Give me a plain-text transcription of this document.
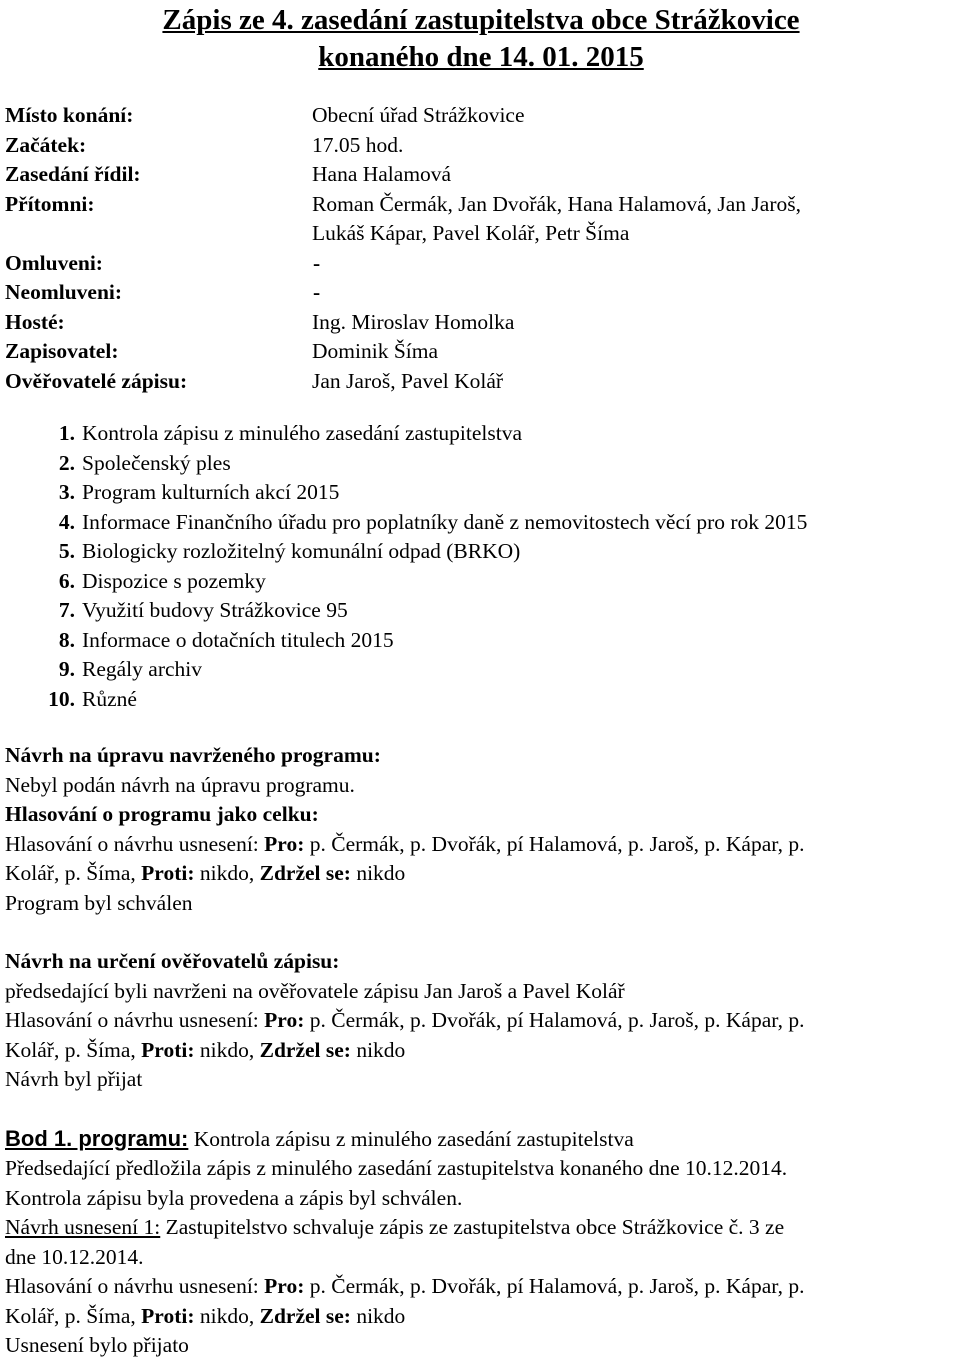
Zápis ze 4. zasedání zastupitelstva obce Strážkovice
konaného dne 14. 01. 2015
Místo konání:	Obecní úřad Strážkovice
Začátek:	17.05 hod.
Zasedání řídil:	Hana Halamová
Přítomni:	Roman Čermák, Jan Dvořák, Hana Halamová, Jan Jaroš,
Lukáš Kápar, Pavel Kolář, Petr Šíma
Omluveni:	-
Neomluveni:	-
Hosté:	Ing. Miroslav Homolka
Zapisovatel:	Dominik Šíma
Ověřovatelé zápisu:	Jan Jaroš, Pavel Kolář
1. Kontrola zápisu z minulého zasedání zastupitelstva
2. Společenský ples
3. Program kulturních akcí 2015
4. Informace Finančního úřadu pro poplatníky daně z nemovitostech věcí pro rok 2015
5. Biologicky rozložitelný komunální odpad (BRKO)
6. Dispozice s pozemky
7. Využití budovy Strážkovice 95
8. Informace o dotačních titulech 2015
9. Regály archiv
10. Různé

Návrh na úpravu navrženého programu:

Nebyl podán návrh na úpravu programu.

Hlasování o programu jako celku:

Hlasování o návrhu usnesení: Pro: p. Čermák, p. Dvořák, pí Halamová, p. Jaroš, p. Kápar, p.

Kolář, p. Šíma, Proti: nikdo, Zdržel se: nikdo

Program byl schválen

Návrh na určení ověřovatelů zápisu:

předsedající byli navrženi na ověřovatele zápisu Jan Jaroš a Pavel Kolář

Hlasování o návrhu usnesení: Pro: p. Čermák, p. Dvořák, pí Halamová, p. Jaroš, p. Kápar, p.

Kolář, p. Šíma, Proti: nikdo, Zdržel se: nikdo

Návrh byl přijat

Bod 1. programu: Kontrola zápisu z minulého zasedání zastupitelstva

Předsedající předložila zápis z minulého zasedání zastupitelstva konaného dne 10.12.2014.

Kontrola zápisu byla provedena a zápis byl schválen.

Návrh usnesení 1: Zastupitelstvo schvaluje zápis ze zastupitelstva obce Strážkovice č. 3 ze

dne 10.12.2014.

Hlasování o návrhu usnesení: Pro: p. Čermák, p. Dvořák, pí Halamová, p. Jaroš, p. Kápar, p.

Kolář, p. Šíma, Proti: nikdo, Zdržel se: nikdo

Usnesení bylo přijato
